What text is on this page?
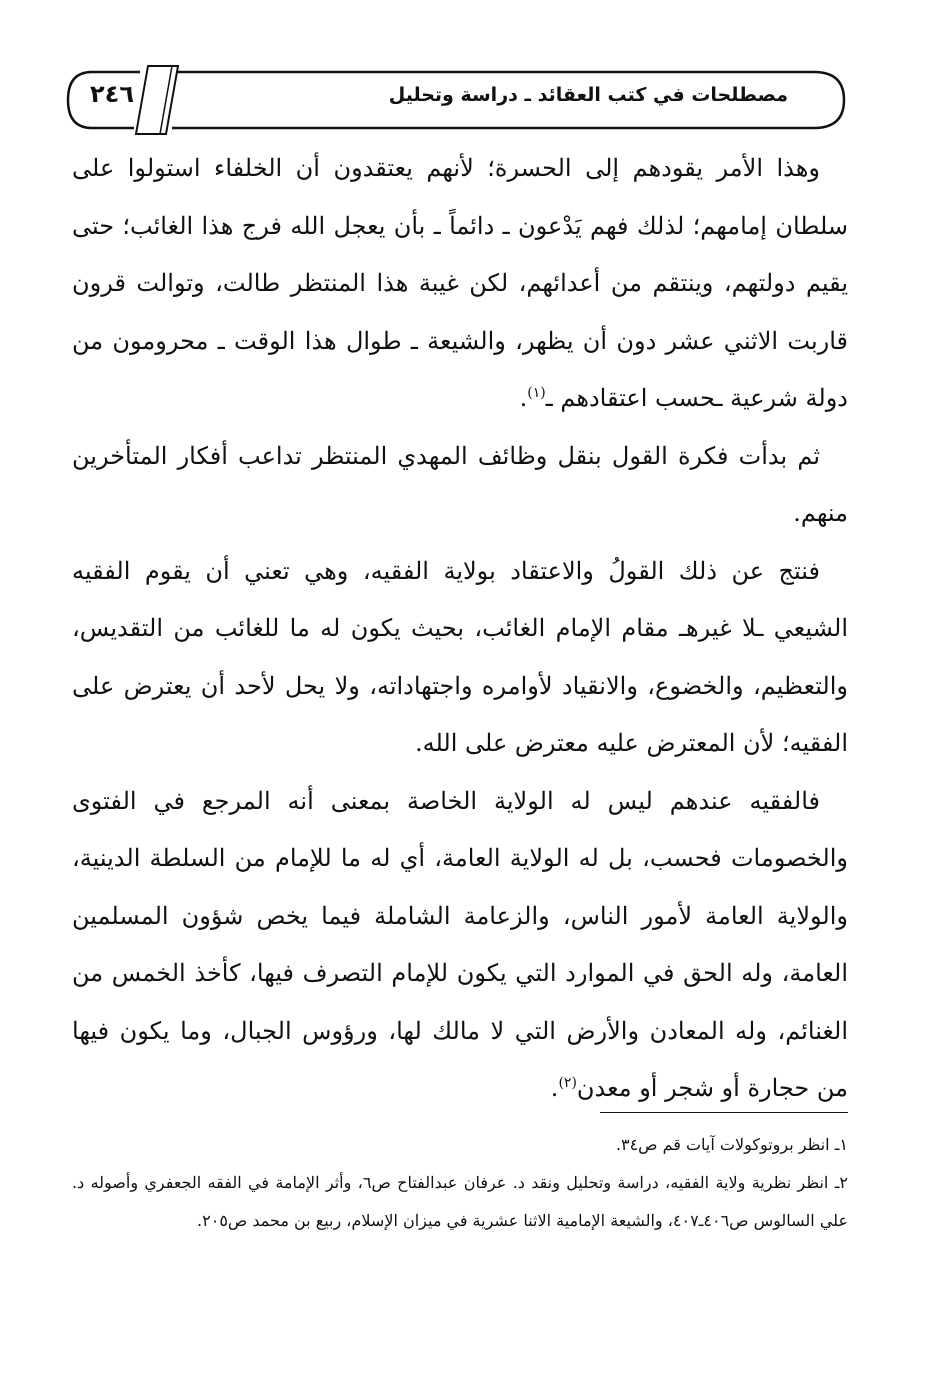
٢٤٦	مصطلحات في كتب العقائد ـ دراسة وتحليل

وهذا الأمر يقودهم إلى الحسرة؛ لأنهم يعتقدون أن الخلفاء استولوا على سلطان إمامهم؛ لذلك فهم يَدْعون ـ دائماً ـ بأن يعجل الله فرج هذا الغائب؛ حتى يقيم دولتهم، وينتقم من أعدائهم، لكن غيبة هذا المنتظر طالت، وتوالت قرون قاربت الاثني عشر دون أن يظهر، والشيعة ـ طوال هذا الوقت ـ محرومون من دولة شرعية ـحسب اعتقادهم ـ$^{(١)}$.

ثم بدأت فكرة القول بنقل وظائف المهدي المنتظر تداعب أفكار المتأخرين منهم.

فنتج عن ذلك القولُ والاعتقاد بولاية الفقيه، وهي تعني أن يقوم الفقيه الشيعي ـلا غيرهـ مقام الإمام الغائب، بحيث يكون له ما للغائب من التقديس، والتعظيم، والخضوع، والانقياد لأوامره واجتهاداته، ولا يحل لأحد أن يعترض على الفقيه؛ لأن المعترض عليه معترض على الله.

فالفقيه عندهم ليس له الولاية الخاصة بمعنى أنه المرجع في الفتوى والخصومات فحسب، بل له الولاية العامة، أي له ما للإمام من السلطة الدينية، والولاية العامة لأمور الناس، والزعامة الشاملة فيما يخص شؤون المسلمين العامة، وله الحق في الموارد التي يكون للإمام التصرف فيها، كأخذ الخمس من الغنائم، وله المعادن والأرض التي لا مالك لها، ورؤوس الجبال، وما يكون فيها من حجارة أو شجر أو معدن$^{(٢)}$.

١ـ انظر بروتوكولات آيات قم ص٣٤.

٢ـ انظر نظرية ولاية الفقيه، دراسة وتحليل ونقد د. عرفان عبدالفتاح ص٦، وأثر الإمامة في الفقه الجعفري وأصوله د. علي السالوس ص٤٠٦ـ٤٠٧، والشيعة الإمامية الاثنا عشرية في ميزان الإسلام، ربيع بن محمد ص٢٠٥.
